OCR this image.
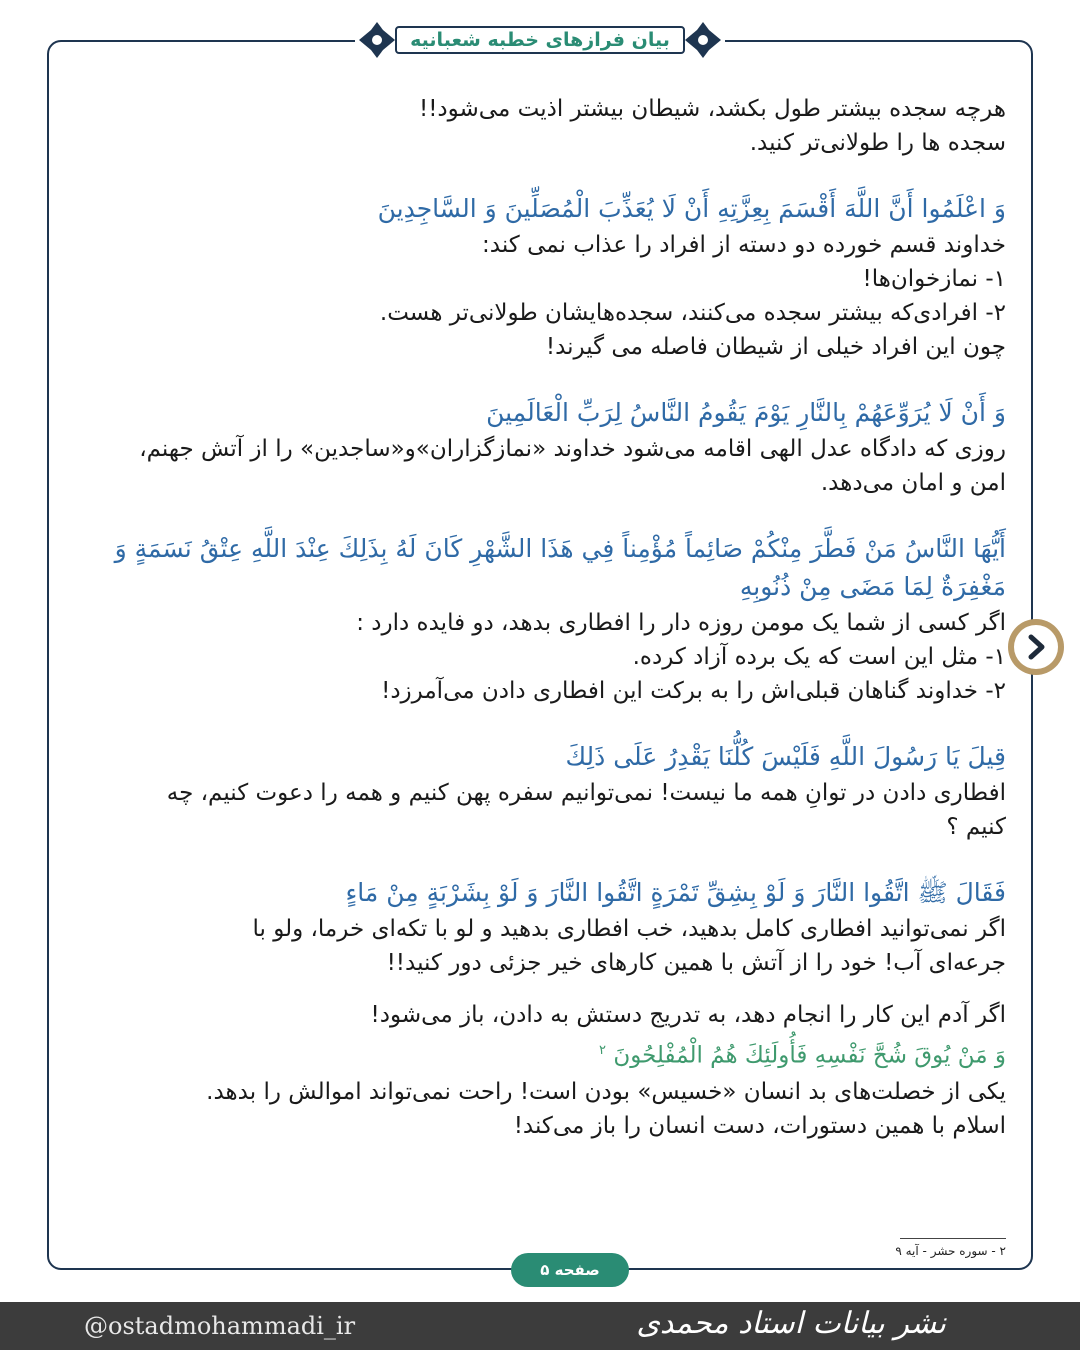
بیان فرازهای خطبه شعبانیه

هرچه سجده بیشتر طول بکشد، شیطان بیشتر اذیت می‌شود!!

سجده ها را طولانی‌تر کنید.

وَ اعْلَمُوا أَنَّ اللَّهَ أَقْسَمَ بِعِزَّتِهِ أَنْ لَا يُعَذِّبَ الْمُصَلِّينَ وَ السَّاجِدِينَ

خداوند قسم خورده دو دسته از افراد را عذاب نمی کند:

۱- نمازخوان‌ها!

۲- افرادی‌که بیشتر سجده می‌کنند، سجده‌هایشان طولانی‌تر هست.

چون این افراد خیلی از شیطان فاصله می گیرند!

وَ أَنْ لَا يُرَوِّعَهُمْ بِالنَّارِ يَوْمَ يَقُومُ النَّاسُ لِرَبِّ الْعَالَمِينَ

روزی که دادگاه عدل الهی اقامه می‌شود خداوند «نمازگزاران»و«ساجدین» را از آتش جهنم،

امن و امان می‌دهد.

أَيُّهَا النَّاسُ مَنْ فَطَّرَ مِنْكُمْ صَائِماً مُؤْمِناً فِي هَذَا الشَّهْرِ كَانَ لَهُ بِذَلِكَ عِنْدَ اللَّهِ عِتْقُ نَسَمَةٍ وَ

مَغْفِرَةٌ لِمَا مَضَى مِنْ ذُنُوبِهِ

اگر کسی از شما یک مومن روزه دار را افطاری بدهد، دو فایده دارد :

۱- مثل این است که یک برده آزاد کرده.

۲- خداوند گناهان قبلی‌اش را به برکت این افطاری دادن می‌آمرزد!

قِيلَ يَا رَسُولَ اللَّهِ فَلَيْسَ كُلُّنَا يَقْدِرُ عَلَى ذَلِكَ

افطاری دادن در توانِ همه ما نیست! نمی‌توانیم سفره پهن کنیم و همه را دعوت کنیم، چه

کنیم ؟

فَقَالَ ﷺ اتَّقُوا النَّارَ وَ لَوْ بِشِقِّ تَمْرَةٍ اتَّقُوا النَّارَ وَ لَوْ بِشَرْبَةٍ مِنْ مَاءٍ

اگر نمی‌توانید افطاری کامل بدهید، خب افطاری بدهید و لو با تکه‌ای خرما، ولو با

جرعه‌ای آب! خود را از آتش با همین کارهای خیر جزئی دور کنید!!

اگر آدم این کار را انجام دهد، به تدریج دستش به دادن، باز می‌شود!

وَ مَنْ يُوقَ شُحَّ نَفْسِهِ فَأُولَئِكَ هُمُ الْمُفْلِحُونَ $^۲$

یکی از خصلت‌های بد انسان «خسیس» بودن است! راحت نمی‌تواند اموالش را بدهد.

اسلام با همین دستورات، دست انسان را باز می‌کند!

۲ - سوره حشر - آیه ۹
صفحه ۵
@ostadmohammadi_ir	نشر بیانات استاد محمدی
